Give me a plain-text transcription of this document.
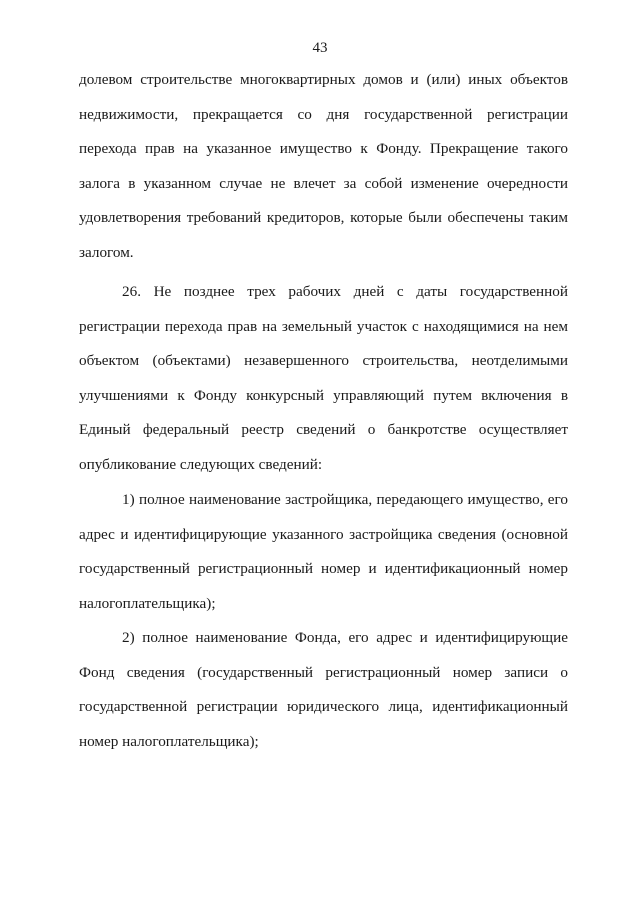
43
долевом строительстве многоквартирных домов и (или) иных объектов
недвижимости, прекращается со дня государственной регистрации
перехода прав на указанное имущество к Фонду. Прекращение такого
залога в указанном случае не влечет за собой изменение очередности
удовлетворения требований кредиторов, которые были обеспечены таким
залогом.
26. Не позднее трех рабочих дней с даты государственной
регистрации перехода прав на земельный участок с находящимися на нем
объектом (объектами) незавершенного строительства, неотделимыми
улучшениями к Фонду конкурсный управляющий путем включения в
Единый федеральный реестр сведений о банкротстве осуществляет
опубликование следующих сведений:
1) полное наименование застройщика, передающего имущество, его
адрес и идентифицирующие указанного застройщика сведения (основной
государственный регистрационный номер и идентификационный номер
налогоплательщика);
2) полное наименование Фонда, его адрес и идентифицирующие
Фонд сведения (государственный регистрационный номер записи о
государственной регистрации юридического лица, идентификационный
номер налогоплательщика);
